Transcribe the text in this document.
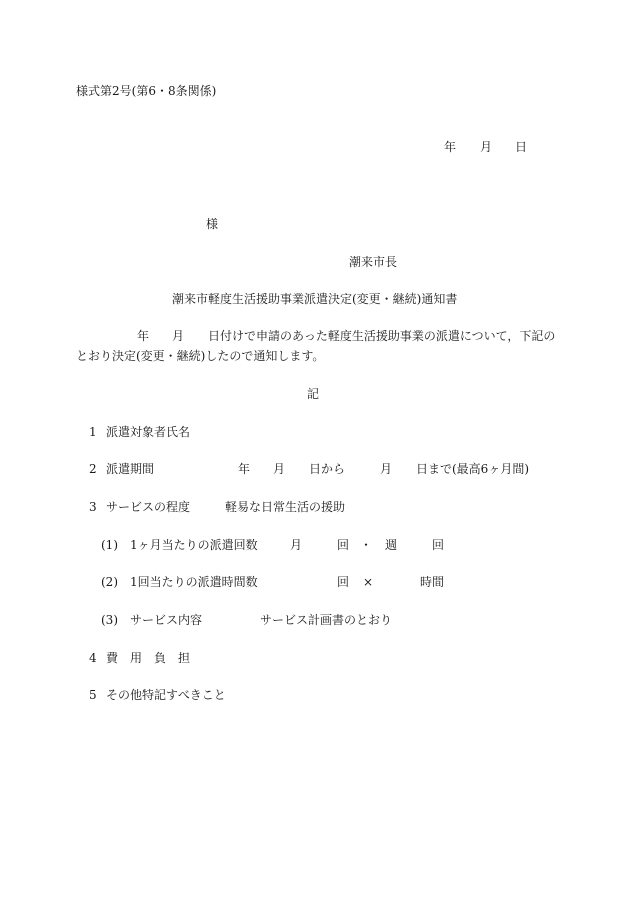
様式第2号(第6・8条関係)
年 月 日
様
潮来市長
潮来市軽度生活援助事業派遣決定(変更・継続)通知書
年 月 日付けで申請のあった軽度生活援助事業の派遣について，下記の
とおり決定(変更・継続)したので通知します。
記
1 派遣対象者氏名
2 派遣期間	年 月 日から	月 日まで(最高6ヶ月間)
3 サービスの程度	軽易な日常生活の援助
(1) 1ヶ月当たりの派遣回数	月	回 ・ 週	回
(2) 1回当たりの派遣時間数	回 ×	時間
(3) サービス内容	サービス計画書のとおり
4 費　用　負　担
5 その他特記すべきこと
